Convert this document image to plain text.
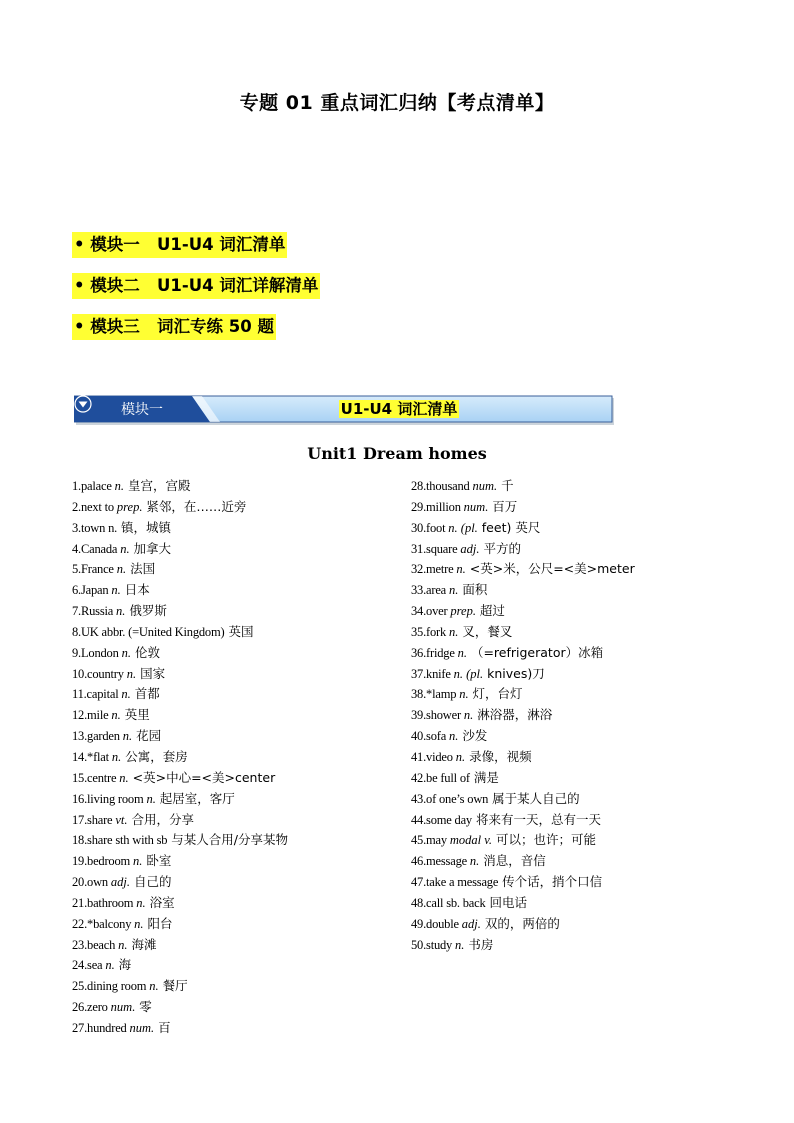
专题 01 重点词汇归纳【考点清单】
• 模块一   U1-U4 词汇清单
• 模块二   U1-U4 词汇详解清单
• 模块三   词汇专练 50 题
模块一	U1-U4 词汇清单
Unit1 Dream homes
1.palace n. 皇宫，宫殿
2.next to prep. 紧邻，在……近旁
3.town n. 镇，城镇
4.Canada n. 加拿大
5.France n. 法国
6.Japan n. 日本
7.Russia n. 俄罗斯
8.UK abbr. (=United Kingdom) 英国
9.London n. 伦敦
10.country n. 国家
11.capital n. 首都
12.mile n. 英里
13.garden n. 花园
14.*flat n. 公寓，套房
15.centre n. <英>中心=<美>center
16.living room n. 起居室，客厅
17.share vt. 合用，分享
18.share sth with sb 与某人合用/分享某物
19.bedroom n. 卧室
20.own adj. 自己的
21.bathroom n. 浴室
22.*balcony n. 阳台
23.beach n. 海滩
24.sea n. 海
25.dining room n. 餐厅
26.zero num. 零
27.hundred num. 百
28.thousand num. 千
29.million num. 百万
30.foot n. (pl. feet) 英尺
31.square adj. 平方的
32.metre n. <英>米，公尺=<美>meter
33.area n. 面积
34.over prep. 超过
35.fork n. 叉，餐叉
36.fridge n. （=refrigerator）冰箱
37.knife n. (pl. knives)刀
38.*lamp n. 灯，台灯
39.shower n. 淋浴器，淋浴
40.sofa n. 沙发
41.video n. 录像，视频
42.be full of 满是
43.of one’s own 属于某人自己的
44.some day 将来有一天，总有一天
45.may modal v. 可以；也许；可能
46.message n. 消息，音信
47.take a message 传个话，捎个口信
48.call sb. back 回电话
49.double adj. 双的，两倍的
50.study n. 书房
